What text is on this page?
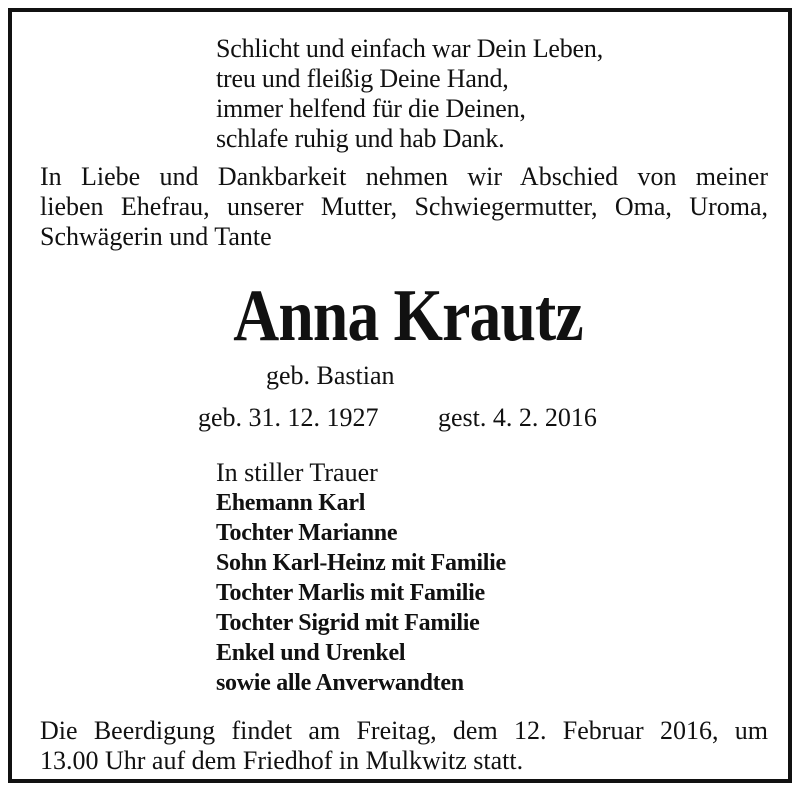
Schlicht und einfach war Dein Leben,
treu und fleißig Deine Hand,
immer helfend für die Deinen,
schlafe ruhig und hab Dank.
In Liebe und Dankbarkeit nehmen wir Abschied von meiner
lieben Ehefrau, unserer Mutter, Schwiegermutter, Oma, Uroma,
Schwägerin und Tante
Anna Krautz
geb. Bastian
geb. 31. 12. 1927 gest. 4. 2. 2016
In stiller Trauer
Ehemann Karl
Tochter Marianne
Sohn Karl-Heinz mit Familie
Tochter Marlis mit Familie
Tochter Sigrid mit Familie
Enkel und Urenkel
sowie alle Anverwandten
Die Beerdigung findet am Freitag, dem 12. Februar 2016, um
13.00 Uhr auf dem Friedhof in Mulkwitz statt.
